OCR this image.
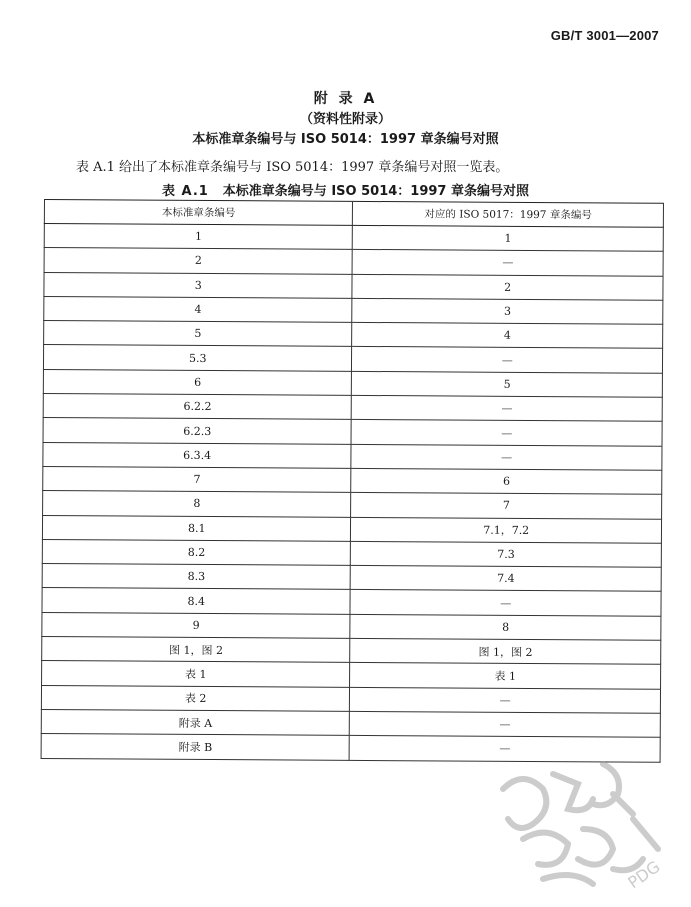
GB/T 3001—2007
附 录 A
（资料性附录）
本标准章条编号与 ISO 5014：1997 章条编号对照
表 A.1 给出了本标准章条编号与 ISO 5014：1997 章条编号对照一览表。
表 A.1 本标准章条编号与 ISO 5014：1997 章条编号对照
本标准章条编号	对应的 ISO 5017：1997 章条编号
1	1
2	—
3	2
4	3
5	4
5.3	—
6	5
6.2.2	—
6.2.3	—
6.3.4	—
7	6
8	7
8.1	7.1，7.2
8.2	7.3
8.3	7.4
8.4	—
9	8
图 1，图 2	图 1，图 2
表 1	表 1
表 2	—
附录 A	—
附录 B	—
PDG
